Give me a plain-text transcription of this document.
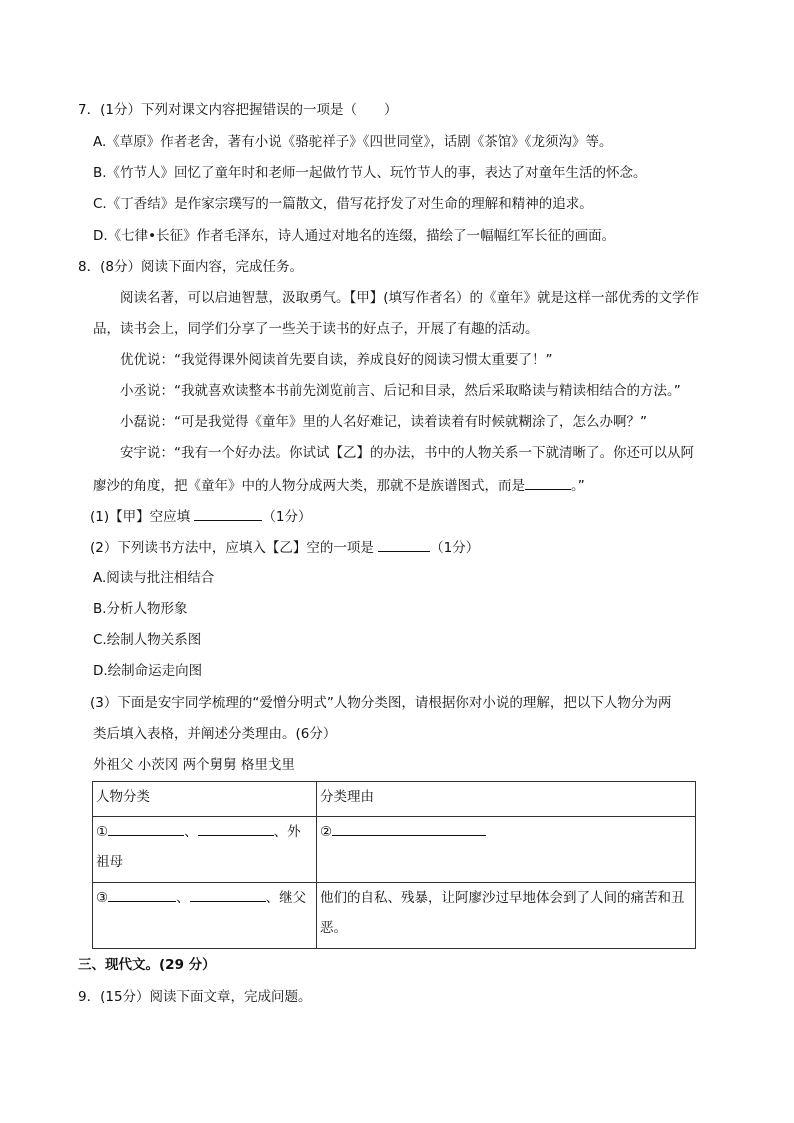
7．(1分）下列对课文内容把握错误的一项是（　　）
A.《草原》作者老舍，著有小说《骆驼祥子》《四世同堂》，话剧《茶馆》《龙须沟》等。
B.《竹节人》回忆了童年时和老师一起做竹节人、玩竹节人的事，表达了对童年生活的怀念。
C.《丁香结》是作家宗璞写的一篇散文，借写花抒发了对生命的理解和精神的追求。
D.《七律•长征》作者毛泽东，诗人通过对地名的连缀，描绘了一幅幅红军长征的画面。
8．(8分）阅读下面内容，完成任务。
阅读名著，可以启迪智慧，汲取勇气。【甲】(填写作者名）的《童年》就是这样一部优秀的文学作
品，读书会上，同学们分享了一些关于读书的好点子，开展了有趣的活动。
优优说：“我觉得课外阅读首先要自读，养成良好的阅读习惯太重要了！”
小丞说：“我就喜欢读整本书前先浏览前言、后记和目录，然后采取略读与精读相结合的方法。”
小磊说：“可是我觉得《童年》里的人名好难记，读着读着有时候就糊涂了，怎么办啊？”
安宇说：“我有一个好办法。你试试【乙】的办法，书中的人物关系一下就清晰了。你还可以从阿
廖沙的角度，把《童年》中的人物分成两大类，那就不是族谱图式，而是	。”
(1)【甲】空应填	（1分）
(2）下列读书方法中，应填入【乙】空的一项是	（1分）
A.阅读与批注相结合
B.分析人物形象
C.绘制人物关系图
D.绘制命运走向图
(3）下面是安宇同学梳理的“爱憎分明式”人物分类图，请根据你对小说的理解，把以下人物分为两
类后填入表格，并阐述分类理由。(6分）
外祖父 小茨冈 两个舅舅 格里戈里
人物分类	分类理由
① 、 、外
祖母	②
③ 、 、继父	他们的自私、残暴，让阿廖沙过早地体会到了人间的痛苦和丑
恶。
三、现代文。(29 分）
9．(15分）阅读下面文章，完成问题。
